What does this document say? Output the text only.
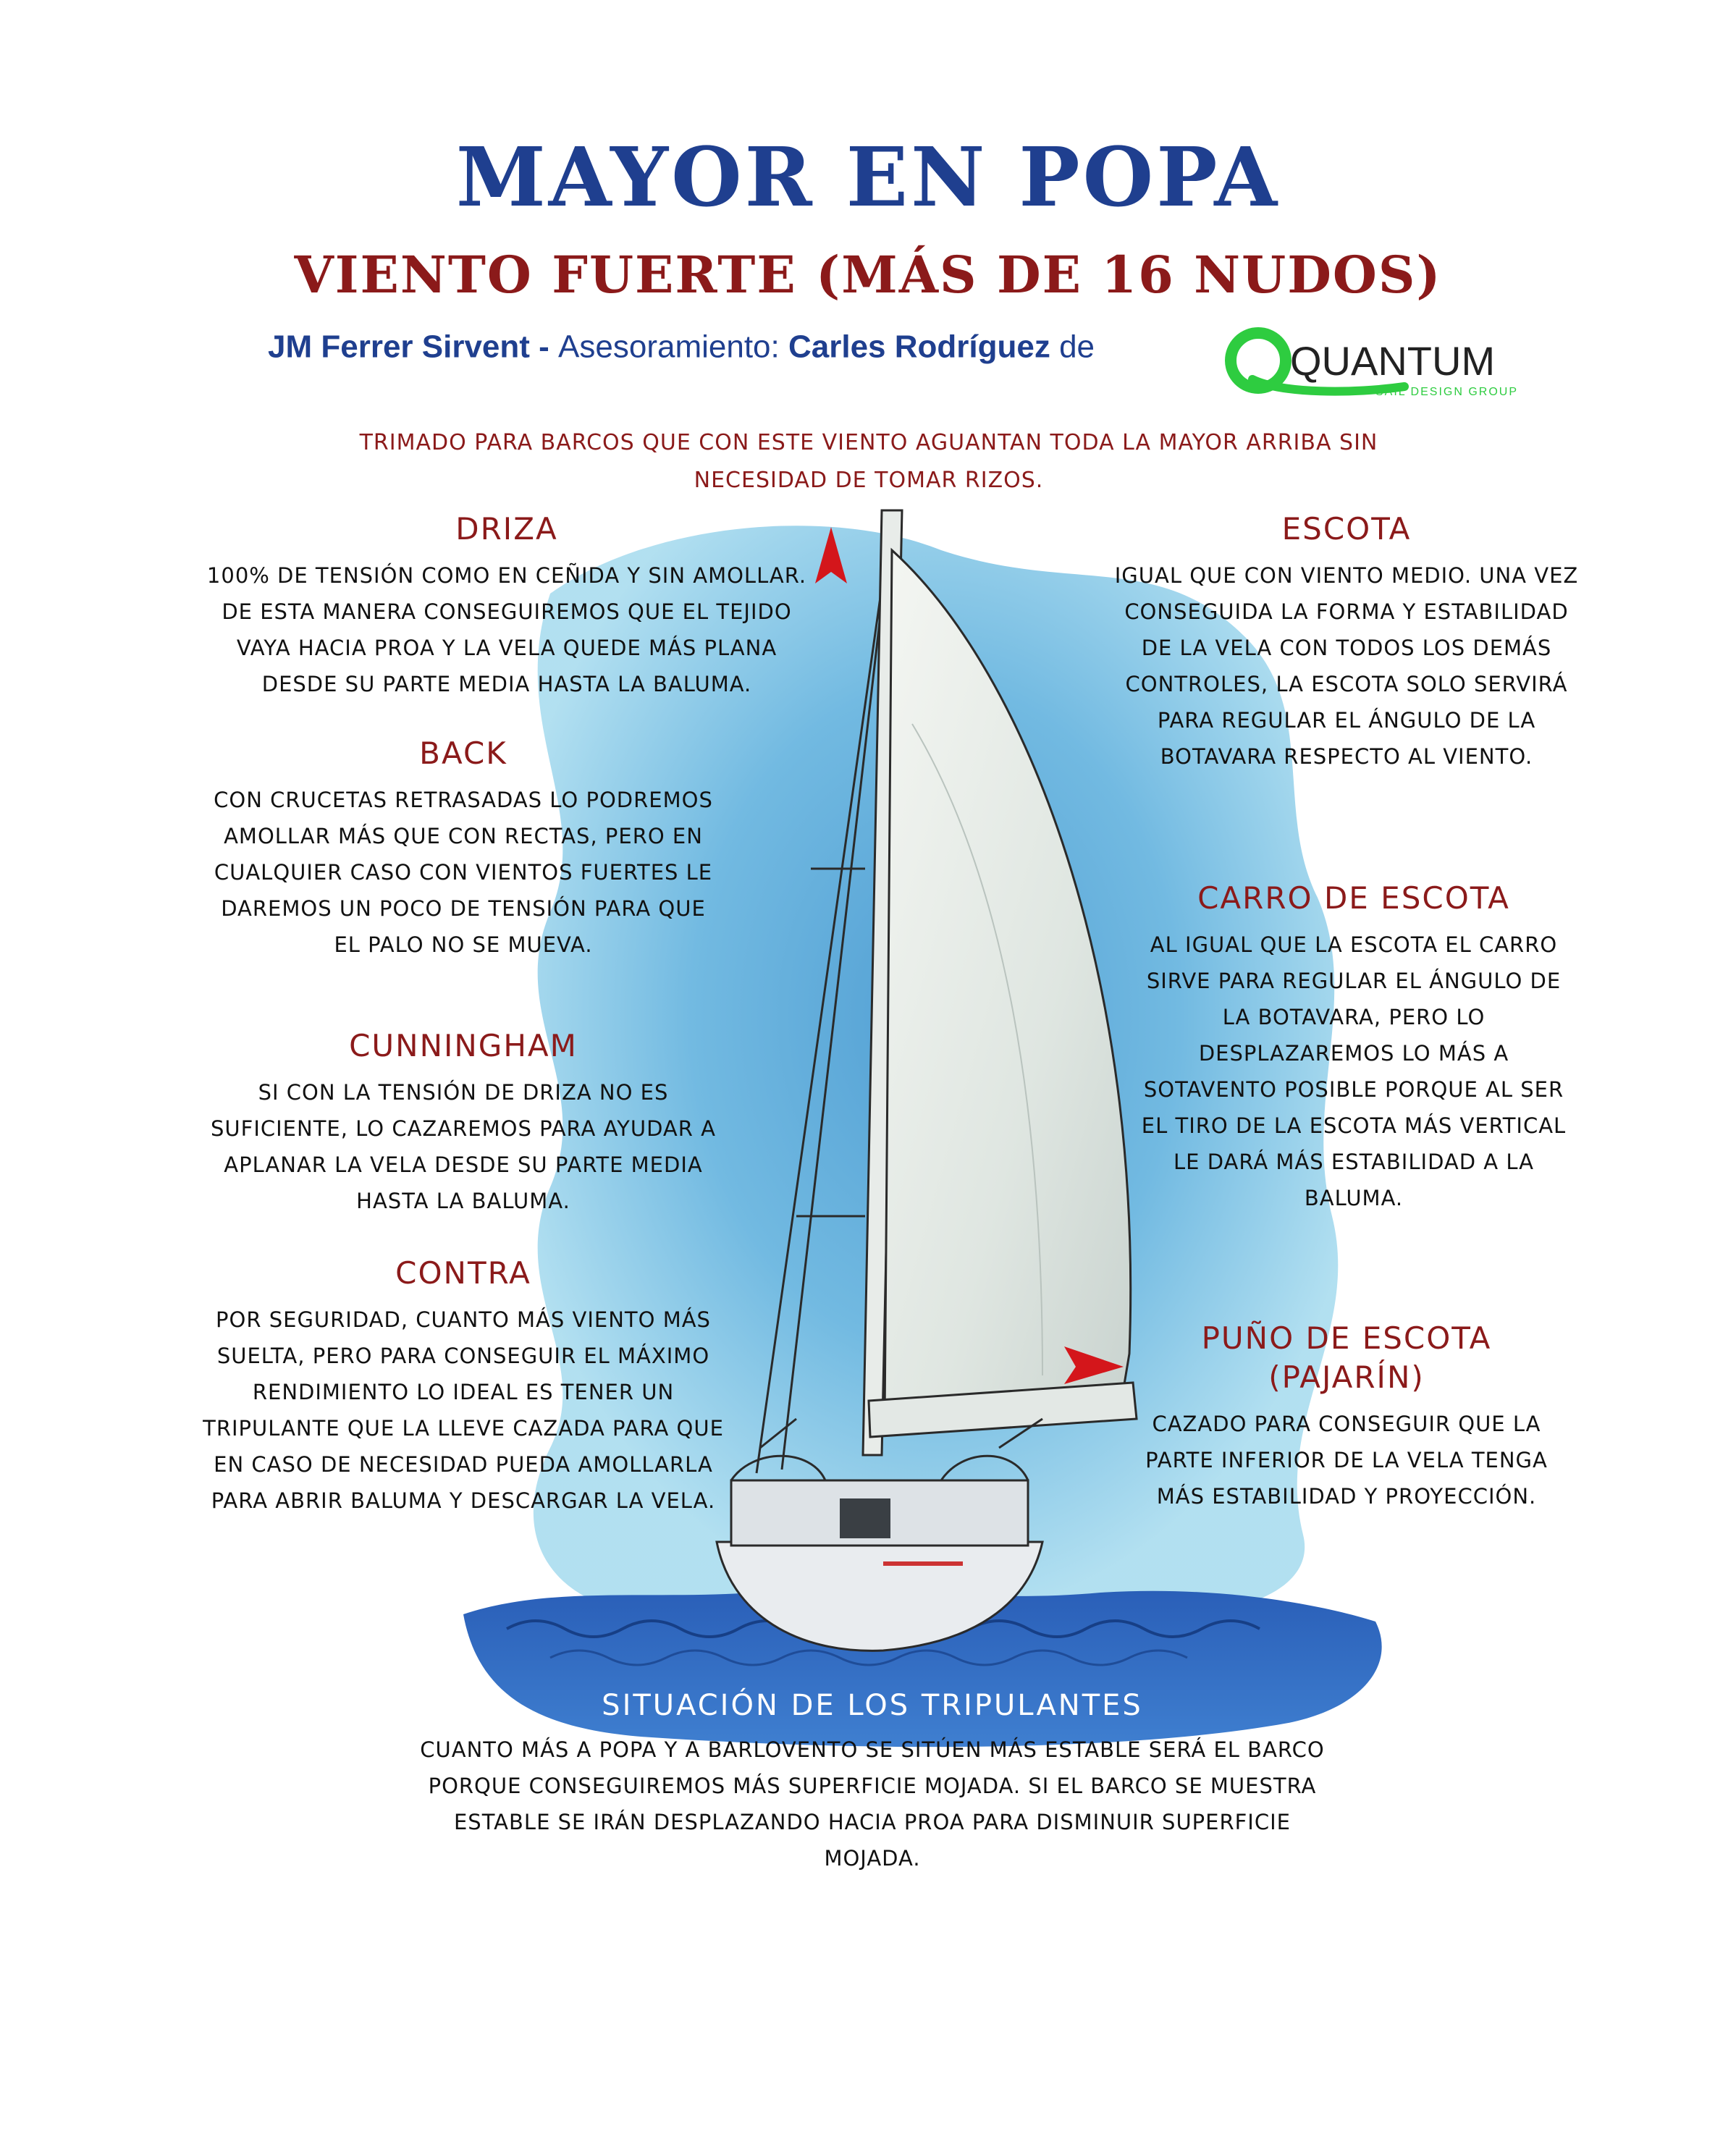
MAYOR EN POPA
VIENTO FUERTE (MÁS DE 16 NUDOS)
JM Ferrer Sirvent - Asesoramiento: Carles Rodríguez de	QUANTUM
SAIL DESIGN GROUP
TRIMADO PARA BARCOS QUE CON ESTE VIENTO AGUANTAN TODA LA MAYOR ARRIBA SIN NECESIDAD DE TOMAR RIZOS.
DRIZA

100% DE TENSIÓN COMO EN CEÑIDA Y SIN AMOLLAR. DE ESTA MANERA CONSEGUIREMOS QUE EL TEJIDO VAYA HACIA PROA Y LA VELA QUEDE MÁS PLANA DESDE SU PARTE MEDIA HASTA LA BALUMA.

BACK

CON CRUCETAS RETRASADAS LO PODREMOS AMOLLAR MÁS QUE CON RECTAS, PERO EN CUALQUIER CASO CON VIENTOS FUERTES LE DAREMOS UN POCO DE TENSIÓN PARA QUE EL PALO NO SE MUEVA.

CUNNINGHAM

SI CON LA TENSIÓN DE DRIZA NO ES SUFICIENTE, LO CAZAREMOS PARA AYUDAR A APLANAR LA VELA DESDE SU PARTE MEDIA HASTA LA BALUMA.

CONTRA

POR SEGURIDAD, CUANTO MÁS VIENTO MÁS SUELTA, PERO PARA CONSEGUIR EL MÁXIMO RENDIMIENTO LO IDEAL ES TENER UN TRIPULANTE QUE LA LLEVE CAZADA PARA QUE EN CASO DE NECESIDAD PUEDA AMOLLARLA PARA ABRIR BALUMA Y DESCARGAR LA VELA.

ESCOTA

IGUAL QUE CON VIENTO MEDIO. UNA VEZ CONSEGUIDA LA FORMA Y ESTABILIDAD DE LA VELA CON TODOS LOS DEMÁS CONTROLES, LA ESCOTA SOLO SERVIRÁ PARA REGULAR EL ÁNGULO DE LA BOTAVARA RESPECTO AL VIENTO.

CARRO DE ESCOTA

AL IGUAL QUE LA ESCOTA EL CARRO SIRVE PARA REGULAR EL ÁNGULO DE LA BOTAVARA, PERO LO DESPLAZAREMOS LO MÁS A SOTAVENTO POSIBLE PORQUE AL SER EL TIRO DE LA ESCOTA MÁS VERTICAL LE DARÁ MÁS ESTABILIDAD A LA BALUMA.

PUÑO DE ESCOTA
(PAJARÍN)

CAZADO PARA CONSEGUIR QUE LA PARTE INFERIOR DE LA VELA TENGA MÁS ESTABILIDAD Y PROYECCIÓN.

SITUACIÓN DE LOS TRIPULANTES

CUANTO MÁS A POPA Y A BARLOVENTO SE SITÚEN MÁS ESTABLE SERÁ EL BARCO PORQUE CONSEGUIREMOS MÁS SUPERFICIE MOJADA. SI EL BARCO SE MUESTRA ESTABLE SE IRÁN DESPLAZANDO HACIA PROA PARA DISMINUIR SUPERFICIE MOJADA.
